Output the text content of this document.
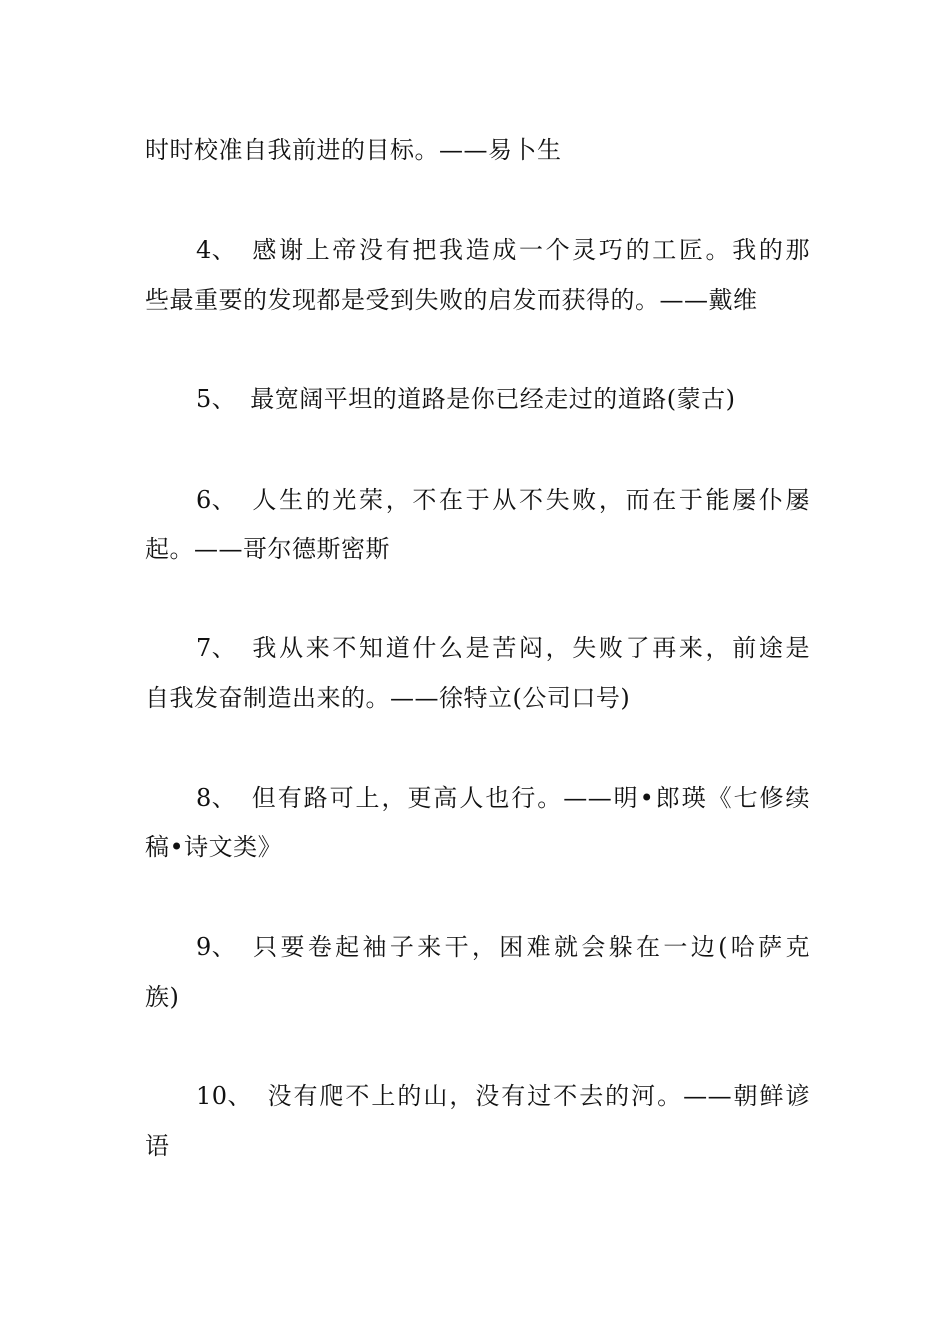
时时校准自我前进的目标。——易卜生
4、 感谢上帝没有把我造成一个灵巧的工匠。我的那
些最重要的发现都是受到失败的启发而获得的。——戴维
5、 最宽阔平坦的道路是你已经走过的道路(蒙古)
6、 人生的光荣，不在于从不失败，而在于能屡仆屡
起。——哥尔德斯密斯
7、 我从来不知道什么是苦闷，失败了再来，前途是
自我发奋制造出来的。——徐特立(公司口号)
8、 但有路可上，更高人也行。——明•郎瑛《七修续
稿•诗文类》
9、 只要卷起袖子来干，困难就会躲在一边(哈萨克
族)
10、 没有爬不上的山，没有过不去的河。——朝鲜谚
语
